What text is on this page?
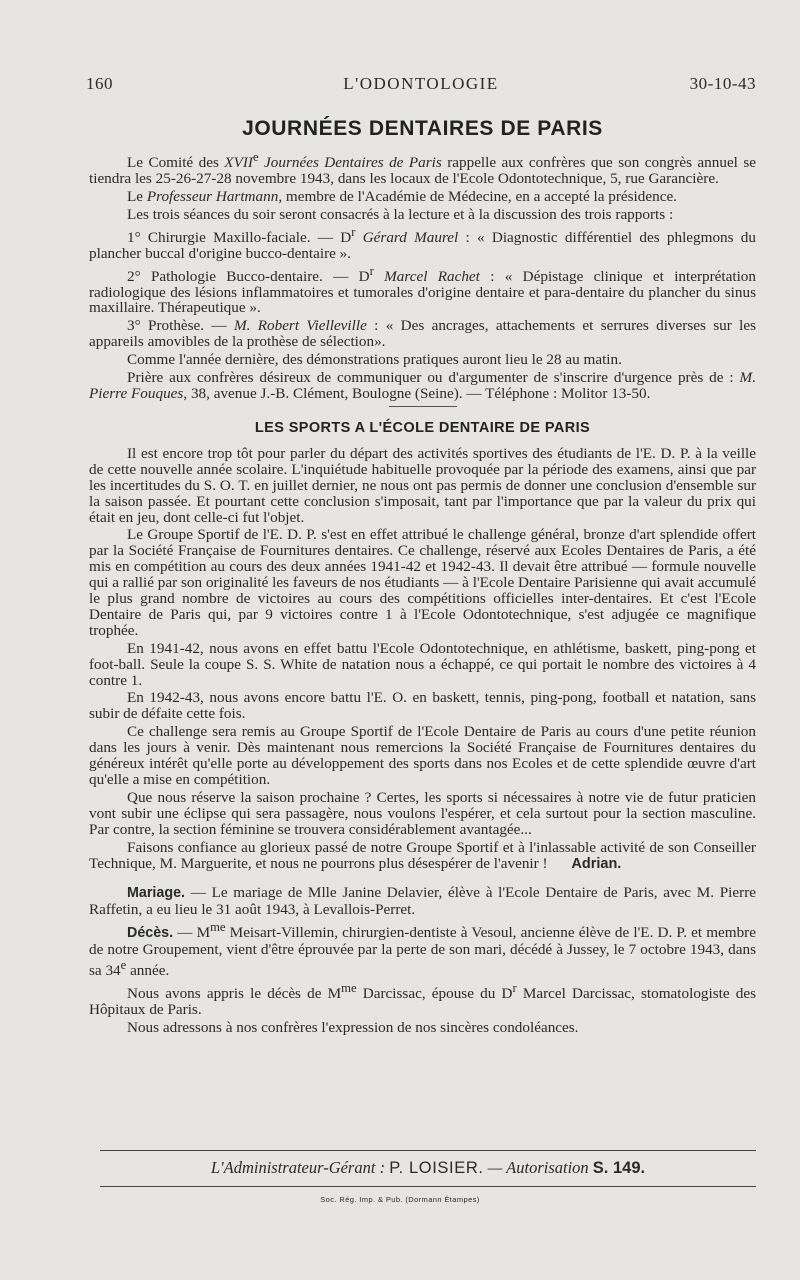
160	L'ODONTOLOGIE	30-10-43
JOURNÉES DENTAIRES DE PARIS

Le Comité des XVIIe Journées Dentaires de Paris rappelle aux confrères que son congrès annuel se tiendra les 25-26-27-28 novembre 1943, dans les locaux de l'Ecole Odontotechnique, 5, rue Garancière.

Le Professeur Hartmann, membre de l'Académie de Médecine, en a accepté la présidence.

Les trois séances du soir seront consacrés à la lecture et à la discussion des trois rapports :

1° Chirurgie Maxillo-faciale. — $D^r$ Gérard Maurel : « Diagnostic différentiel des phlegmons du plancher buccal d'origine bucco-dentaire ».

2° Pathologie Bucco-dentaire. — $D^r$ Marcel Rachet : « Dépistage clinique et interprétation radiologique des lésions inflammatoires et tumorales d'origine dentaire et para-dentaire du plancher du sinus maxillaire. Thérapeutique ».

3° Prothèse. — M. Robert Vielleville : « Des ancrages, attachements et serrures diverses sur les appareils amovibles de la prothèse de sélection».

Comme l'année dernière, des démonstrations pratiques auront lieu le 28 au matin.

Prière aux confrères désireux de communiquer ou d'argumenter de s'inscrire d'urgence près de : M. Pierre Fouques, 38, avenue J.-B. Clément, Boulogne (Seine). — Téléphone : Molitor 13-50.

LES SPORTS A L'ÉCOLE DENTAIRE DE PARIS

Il est encore trop tôt pour parler du départ des activités sportives des étudiants de l'E. D. P. à la veille de cette nouvelle année scolaire. L'inquiétude habituelle provoquée par la période des examens, ainsi que par les incertitudes du S. O. T. en juillet dernier, ne nous ont pas permis de donner une conclusion d'ensemble sur la saison passée. Et pourtant cette conclusion s'imposait, tant par l'importance que par la valeur du prix qui était en jeu, dont celle-ci fut l'objet.

Le Groupe Sportif de l'E. D. P. s'est en effet attribué le challenge général, bronze d'art splendide offert par la Société Française de Fournitures dentaires. Ce challenge, réservé aux Ecoles Dentaires de Paris, a été mis en compétition au cours des deux années 1941-42 et 1942-43. Il devait être attribué — formule nouvelle qui a rallié par son originalité les faveurs de nos étudiants — à l'Ecole Dentaire Parisienne qui avait accumulé le plus grand nombre de victoires au cours des compétitions officielles inter-dentaires. Et c'est l'Ecole Dentaire de Paris qui, par 9 victoires contre 1 à l'Ecole Odontotechnique, s'est adjugée ce magnifique trophée.

En 1941-42, nous avons en effet battu l'Ecole Odontotechnique, en athlétisme, baskett, ping-pong et foot-ball. Seule la coupe S. S. White de natation nous a échappé, ce qui portait le nombre des victoires à 4 contre 1.

En 1942-43, nous avons encore battu l'E. O. en baskett, tennis, ping-pong, football et natation, sans subir de défaite cette fois.

Ce challenge sera remis au Groupe Sportif de l'Ecole Dentaire de Paris au cours d'une petite réunion dans les jours à venir. Dès maintenant nous remercions la Société Française de Fournitures dentaires du généreux intérêt qu'elle porte au développement des sports dans nos Ecoles et de cette splendide œuvre d'art qu'elle a mise en compétition.

Que nous réserve la saison prochaine ? Certes, les sports si nécessaires à notre vie de futur praticien vont subir une éclipse qui sera passagère, nous voulons l'espérer, et cela surtout pour la section masculine. Par contre, la section féminine se trouvera considérablement avantagée...

Faisons confiance au glorieux passé de notre Groupe Sportif et à l'inlassable activité de son Conseiller Technique, M. Marguerite, et nous ne pourrons plus désespérer de l'avenir ! Adrian.

Mariage. — Le mariage de Mlle Janine Delavier, élève à l'Ecole Dentaire de Paris, avec M. Pierre Raffetin, a eu lieu le 31 août 1943, à Levallois-Perret.

Décès. — $M^{me}$ Meisart-Villemin, chirurgien-dentiste à Vesoul, ancienne élève de l'E. D. P. et membre de notre Groupement, vient d'être éprouvée par la perte de son mari, décédé à Jussey, le 7 octobre 1943, dans sa 34e année.

Nous avons appris le décès de $M^{me}$ Darcissac, épouse du $D^r$ Marcel Darcissac, stomatologiste des Hôpitaux de Paris.

Nous adressons à nos confrères l'expression de nos sincères condoléances.

L'Administrateur-Gérant : P. LOISIER. — Autorisation S. 149.
Soc. Rég. Imp. & Pub. (Dormann Étampes)
